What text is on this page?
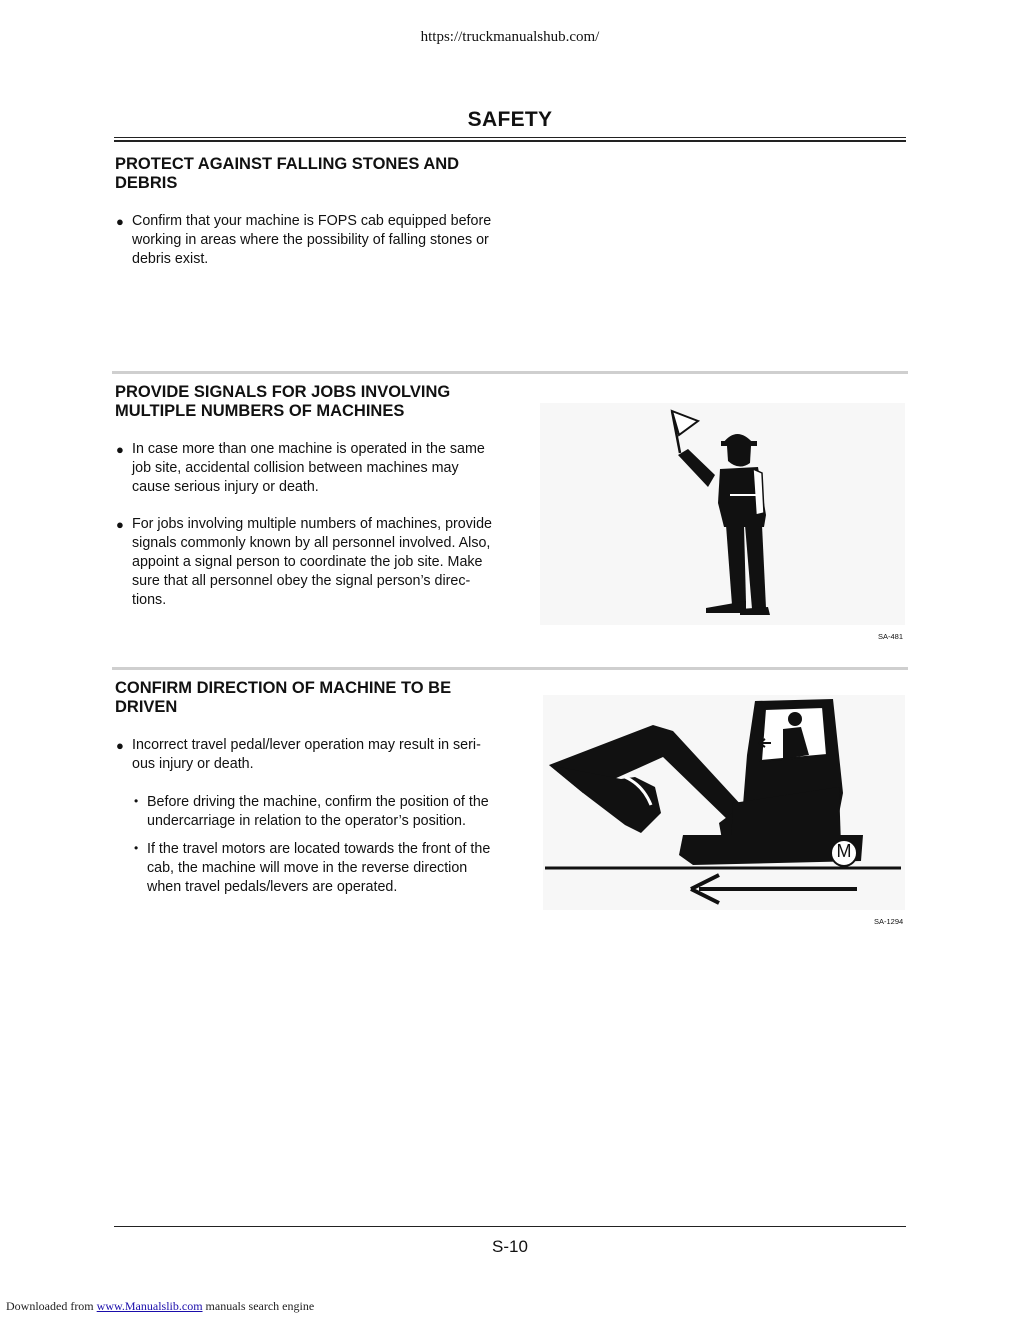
https://truckmanualshub.com/
SAFETY
PROTECT AGAINST FALLING STONES AND
DEBRIS
● Confirm that your machine is FOPS cab equipped before
working in areas where the possibility of falling stones or
debris exist.
PROVIDE SIGNALS FOR JOBS INVOLVING
MULTIPLE NUMBERS OF MACHINES
● In case more than one machine is operated in the same
job site, accidental collision between machines may
cause serious injury or death.
● For jobs involving multiple numbers of machines, provide
signals commonly known by all personnel involved. Also,
appoint a signal person to coordinate the job site. Make
sure that all personnel obey the signal person’s direc-
tions.
SA-481
CONFIRM DIRECTION OF MACHINE TO BE
DRIVEN
● Incorrect travel pedal/lever operation may result in seri-
ous injury or death.
• Before driving the machine, confirm the position of the
undercarriage in relation to the operator’s position.
• If the travel motors are located towards the front of the
cab, the machine will move in the reverse direction
when travel pedals/levers are operated.
M
SA-1294
S-10
Downloaded from www.Manualslib.com manuals search engine
